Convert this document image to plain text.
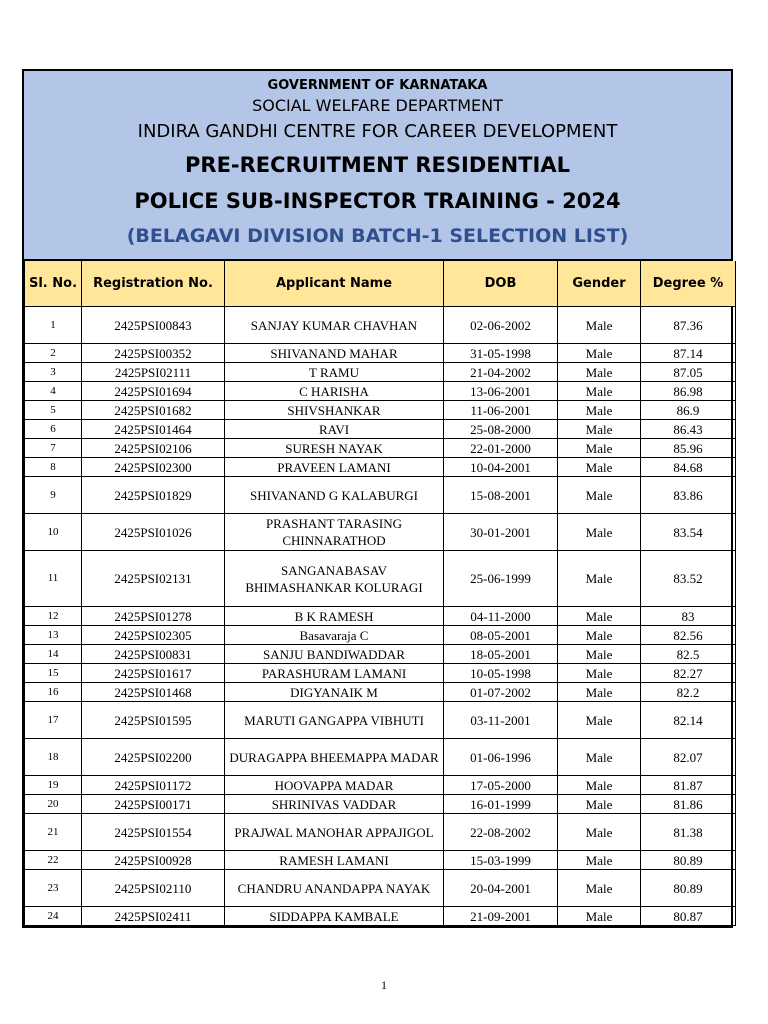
GOVERNMENT OF KARNATAKA
SOCIAL WELFARE DEPARTMENT
INDIRA GANDHI CENTRE FOR CAREER DEVELOPMENT
PRE-RECRUITMENT RESIDENTIAL
POLICE SUB-INSPECTOR TRAINING - 2024
(BELAGAVI DIVISION BATCH-1 SELECTION LIST)
Sl. No.	Registration No.	Applicant Name	DOB	Gender	Degree %
1	2425PSI00843	SANJAY KUMAR CHAVHAN	02-06-2002	Male	87.36
2	2425PSI00352	SHIVANAND MAHAR	31-05-1998	Male	87.14
3	2425PSI02111	T RAMU	21-04-2002	Male	87.05
4	2425PSI01694	C HARISHA	13-06-2001	Male	86.98
5	2425PSI01682	SHIVSHANKAR	11-06-2001	Male	86.9
6	2425PSI01464	RAVI	25-08-2000	Male	86.43
7	2425PSI02106	SURESH NAYAK	22-01-2000	Male	85.96
8	2425PSI02300	PRAVEEN LAMANI	10-04-2001	Male	84.68
9	2425PSI01829	SHIVANAND G KALABURGI	15-08-2001	Male	83.86
10	2425PSI01026	PRASHANT TARASING CHINNARATHOD	30-01-2001	Male	83.54
11	2425PSI02131	SANGANABASAV BHIMASHANKAR KOLURAGI	25-06-1999	Male	83.52
12	2425PSI01278	B K RAMESH	04-11-2000	Male	83
13	2425PSI02305	Basavaraja C	08-05-2001	Male	82.56
14	2425PSI00831	SANJU BANDIWADDAR	18-05-2001	Male	82.5
15	2425PSI01617	PARASHURAM LAMANI	10-05-1998	Male	82.27
16	2425PSI01468	DIGYANAIK M	01-07-2002	Male	82.2
17	2425PSI01595	MARUTI GANGAPPA VIBHUTI	03-11-2001	Male	82.14
18	2425PSI02200	DURAGAPPA BHEEMAPPA MADAR	01-06-1996	Male	82.07
19	2425PSI01172	HOOVAPPA MADAR	17-05-2000	Male	81.87
20	2425PSI00171	SHRINIVAS VADDAR	16-01-1999	Male	81.86
21	2425PSI01554	PRAJWAL MANOHAR APPAJIGOL	22-08-2002	Male	81.38
22	2425PSI00928	RAMESH LAMANI	15-03-1999	Male	80.89
23	2425PSI02110	CHANDRU ANANDAPPA NAYAK	20-04-2001	Male	80.89
24	2425PSI02411	SIDDAPPA KAMBALE	21-09-2001	Male	80.87
1
